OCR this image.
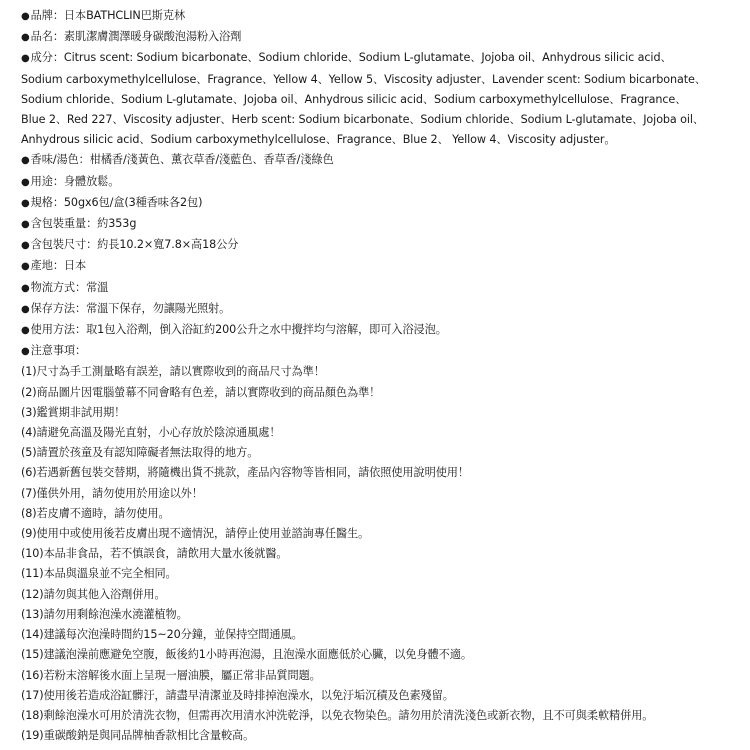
●品牌：日本BATHCLIN巴斯克林
●品名：素肌潔膚潤澤暖身碳酸泡湯粉入浴劑
●成分：Citrus scent: Sodium bicarbonate、Sodium chloride、Sodium L-glutamate、Jojoba oil、Anhydrous silicic acid、
Sodium carboxymethylcellulose、Fragrance、Yellow 4、Yellow 5、Viscosity adjuster、Lavender scent: Sodium bicarbonate、
Sodium chloride、Sodium L-glutamate、Jojoba oil、Anhydrous silicic acid、Sodium carboxymethylcellulose、Fragrance、
Blue 2、Red 227、Viscosity adjuster、Herb scent: Sodium bicarbonate、Sodium chloride、Sodium L-glutamate、Jojoba oil、
Anhydrous silicic acid、Sodium carboxymethylcellulose、Fragrance、Blue 2、 Yellow 4、Viscosity adjuster。
●香味/湯色：柑橘香/淺黃色、薰衣草香/淺藍色、香草香/淺綠色
●用途：身體放鬆。
●規格：50gx6包/盒(3種香味各2包)
●含包裝重量：約353g
●含包裝尺寸：約長10.2×寬7.8×高18公分
●產地：日本
●物流方式：常溫
●保存方法：常溫下保存，勿讓陽光照射。
●使用方法：取1包入浴劑，倒入浴缸約200公升之水中攪拌均勻溶解，即可入浴浸泡。
●注意事項：
(1)尺寸為手工測量略有誤差，請以實際收到的商品尺寸為準！
(2)商品圖片因電腦螢幕不同會略有色差，請以實際收到的商品顏色為準！
(3)鑑賞期非試用期！
(4)請避免高溫及陽光直射，小心存放於陰涼通風處！
(5)請置於孩童及有認知障礙者無法取得的地方。
(6)若遇新舊包裝交替期，將隨機出貨不挑款，產品內容物等皆相同，請依照使用說明使用！
(7)僅供外用，請勿使用於用途以外！
(8)若皮膚不適時，請勿使用。
(9)使用中或使用後若皮膚出現不適情況，請停止使用並諮詢專任醫生。
(10)本品非食品，若不慎誤食，請飲用大量水後就醫。
(11)本品與溫泉並不完全相同。
(12)請勿與其他入浴劑併用。
(13)請勿用剩餘泡澡水澆灌植物。
(14)建議每次泡澡時間約15~20分鐘，並保持空間通風。
(15)建議泡澡前應避免空腹，飯後約1小時再泡湯，且泡澡水面應低於心臟，以免身體不適。
(16)若粉末溶解後水面上呈現一層油膜，屬正常非品質問題。
(17)使用後若造成浴缸髒汙，請盡早清潔並及時排掉泡澡水，以免汙垢沉積及色素殘留。
(18)剩餘泡澡水可用於清洗衣物，但需再次用清水沖洗乾淨，以免衣物染色。請勿用於清洗淺色或新衣物，且不可與柔軟精併用。
(19)重碳酸鈉是與同品牌柚香款相比含量較高。
